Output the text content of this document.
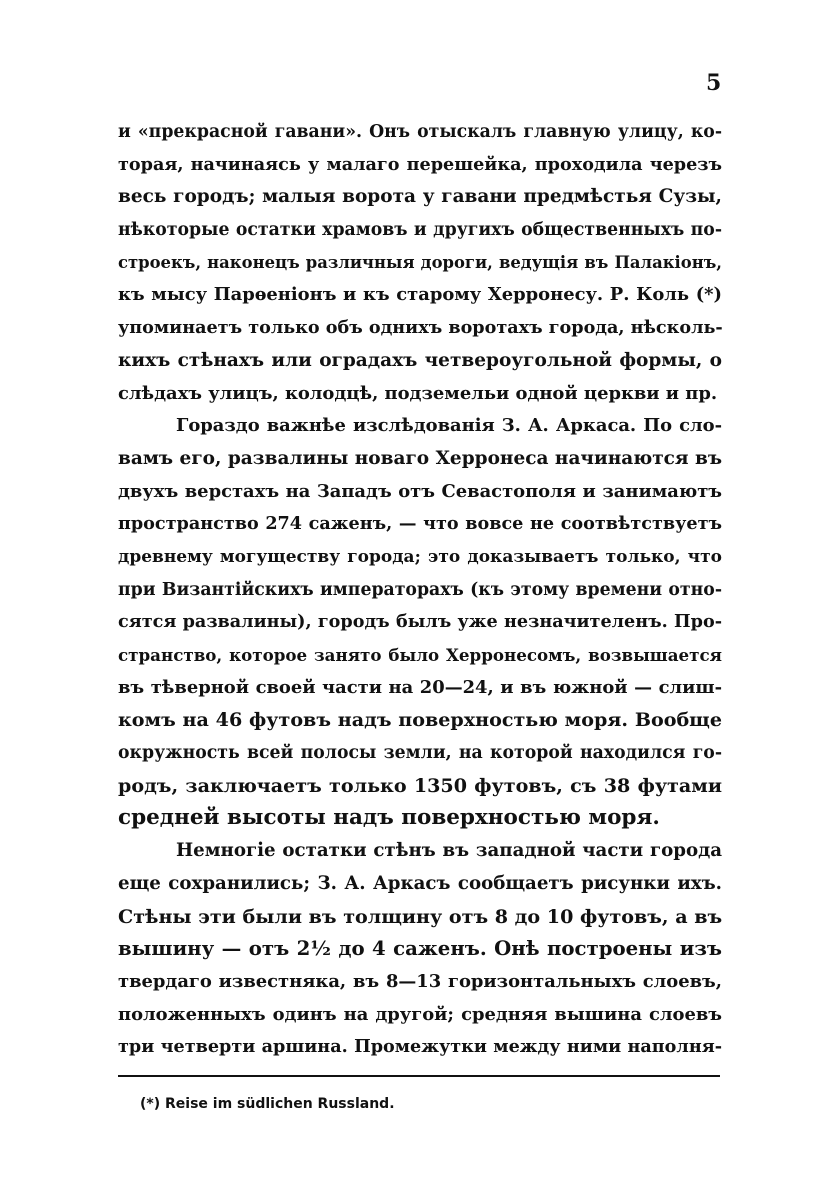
5
и «прекрасной гавани». Онъ отыскалъ главную улицу, ко-
торая, начинаясь у малаго перешейка, проходила черезъ
весь городъ; малыя ворота у гавани предмѣстья Сузы,
нѣкоторые остатки храмовъ и другихъ общественныхъ по-
строекъ, наконецъ различныя дороги, ведущія въ Палакіонъ,
къ мысу Парѳеніонъ и къ старому Херронесу. Р. Коль (*)
упоминаетъ только объ однихъ воротахъ города, нѣсколь-
кихъ стѣнахъ или оградахъ четвероугольной формы, о
слѣдахъ улицъ, колодцѣ, подземельи одной церкви и пр.
Гораздо важнѣе изслѣдованія З. А. Аркаса. По сло-
вамъ его, развалины новаго Херронеса начинаются въ
двухъ верстахъ на Западъ отъ Севастополя и занимаютъ
пространство 274 саженъ, — что вовсе не соотвѣтствуетъ
древнему могуществу города; это доказываетъ только, что
при Византійскихъ императорахъ (къ этому времени отно-
сятся развалины), городъ былъ уже незначителенъ. Про-
странство, которое занято было Херронесомъ, возвышается
въ тѣверной своей части на 20—24, и въ южной — слиш-
комъ на 46 футовъ надъ поверхностью моря. Вообще
окружность всей полосы земли, на которой находился го-
родъ, заключаетъ только 1350 футовъ, съ 38 футами
средней высоты надъ поверхностью моря.
Немногіе остатки стѣнъ въ западной части города
еще сохранились; З. А. Аркасъ сообщаетъ рисунки ихъ.
Стѣны эти были въ толщину отъ 8 до 10 футовъ, а въ
вышину — отъ 2½ до 4 саженъ. Онѣ построены изъ
твердаго известняка, въ 8—13 горизонтальныхъ слоевъ,
положенныхъ одинъ на другой; средняя вышина слоевъ
три четверти аршина. Промежутки между ними наполня-
(*) Reise im südlichen Russland.
